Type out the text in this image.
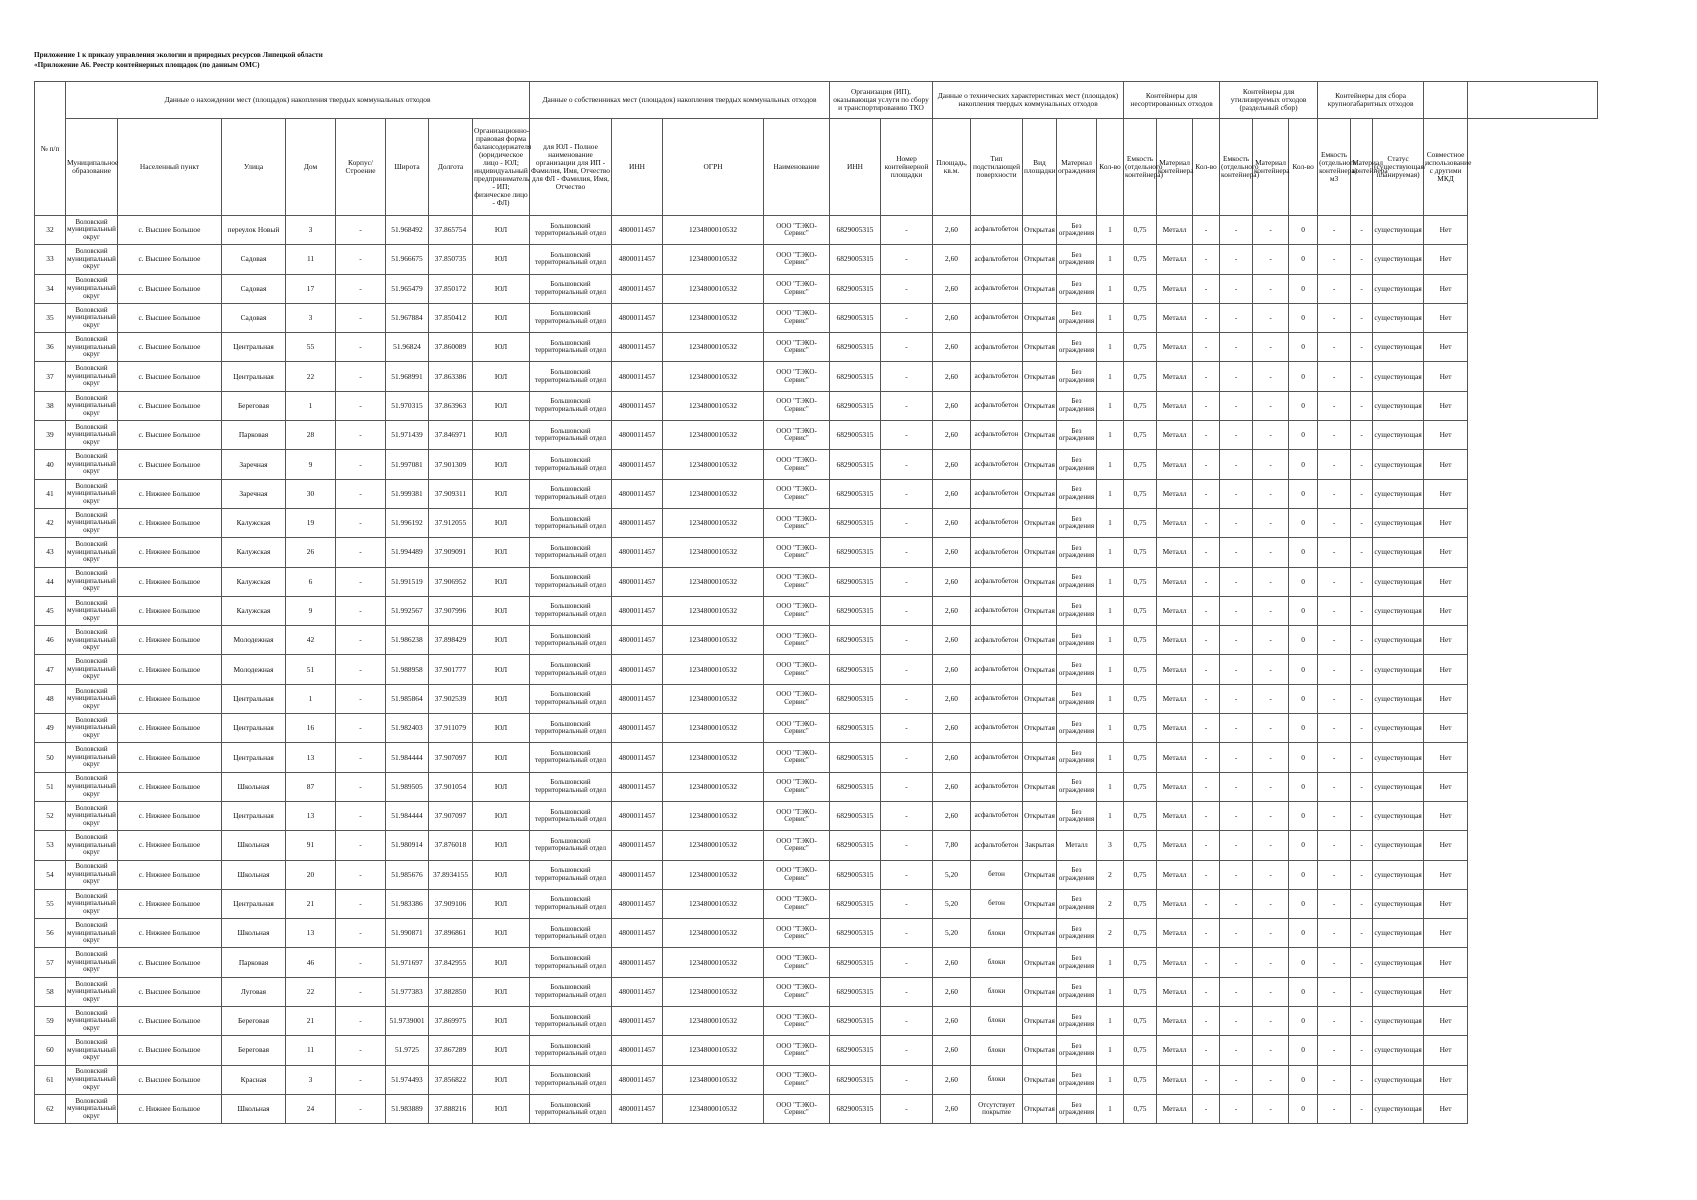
Приложение 1 к приказу управления экологии и природных ресурсов Липецкой области
«Приложение А6. Реестр контейнерных площадок (по данным ОМС)
№ п/п	Данные о нахождении мест (площадок) накопления твердых коммунальных отходов								Данные о собственниках мест (площадок) накопления твердых коммунальных отходов				Организация (ИП), оказывающая услуги по сбору и транспортированию ТКО		Данные о технических характеристиках мест (площадок) накопления твердых коммунальных отходов					Контейнеры для несортированных отходов			Контейнеры для утилизируемых отходов (раздельный сбор)			Контейнеры для сбора крупногабаритных отходов				
	Муниципальное образование	Населенный пункт	Улица	Дом	Корпус/Строение	Широта	Долгота	Организационно-правовая форма балансодержателя (юридическое лицо - ЮЛ; индивидуальный предприниматель - ИП; физическое лицо - ФЛ)	для ЮЛ - Полное наименование организации для ИП - Фамилия, Имя, Отчество для ФЛ - Фамилия, Имя, Отчество	ИНН	ОГРН	Наименование	ИНН	Номер контейнерной площадки	Площадь, кв.м.	Тип подстилающей поверхности	Вид площадки	Материал ограждения	Кол-во	Емкость (отдельного контейнера)	Материал контейнера	Кол-во	Емкость (отдельного контейнера)	Материал контейнера	Кол-во	Емкость (отдельного контейнера) м3	Материал контейнера	Статус (существующая/ планируемая)	Совместное использование с другими МКД	
32	Воловский муниципальный округ	с. Высшее Большое	переулок Новый	3	-	51.968492	37.865754	ЮЛ	Большовский территориальный отдел	4800011457	1234800010532	ООО "ТЭКО-Сервис"	6829005315	-	2,60	асфальтобетон	Открытая	Без ограждения	1	0,75	Металл	-	-	-	0	-	-	существующая	Нет	
33	Воловский муниципальный округ	с. Высшее Большое	Садовая	11	-	51.966675	37.850735	ЮЛ	Большовский территориальный отдел	4800011457	1234800010532	ООО "ТЭКО-Сервис"	6829005315	-	2,60	асфальтобетон	Открытая	Без ограждения	1	0,75	Металл	-	-	-	0	-	-	существующая	Нет	
34	Воловский муниципальный округ	с. Высшее Большое	Садовая	17	-	51.965479	37.850172	ЮЛ	Большовский территориальный отдел	4800011457	1234800010532	ООО "ТЭКО-Сервис"	6829005315	-	2,60	асфальтобетон	Открытая	Без ограждения	1	0,75	Металл	-	-	-	0	-	-	существующая	Нет	
35	Воловский муниципальный округ	с. Высшее Большое	Садовая	3	-	51.967884	37.850412	ЮЛ	Большовский территориальный отдел	4800011457	1234800010532	ООО "ТЭКО-Сервис"	6829005315	-	2,60	асфальтобетон	Открытая	Без ограждения	1	0,75	Металл	-	-	-	0	-	-	существующая	Нет	
36	Воловский муниципальный округ	с. Высшее Большое	Центральная	55	-	51.96824	37.860089	ЮЛ	Большовский территориальный отдел	4800011457	1234800010532	ООО "ТЭКО-Сервис"	6829005315	-	2,60	асфальтобетон	Открытая	Без ограждения	1	0,75	Металл	-	-	-	0	-	-	существующая	Нет	
37	Воловский муниципальный округ	с. Высшее Большое	Центральная	22	-	51.968991	37.863386	ЮЛ	Большовский территориальный отдел	4800011457	1234800010532	ООО "ТЭКО-Сервис"	6829005315	-	2,60	асфальтобетон	Открытая	Без ограждения	1	0,75	Металл	-	-	-	0	-	-	существующая	Нет	
38	Воловский муниципальный округ	с. Высшее Большое	Береговая	1	-	51.970315	37.863963	ЮЛ	Большовский территориальный отдел	4800011457	1234800010532	ООО "ТЭКО-Сервис"	6829005315	-	2,60	асфальтобетон	Открытая	Без ограждения	1	0,75	Металл	-	-	-	0	-	-	существующая	Нет	
39	Воловский муниципальный округ	с. Высшее Большое	Парковая	28	-	51.971439	37.846971	ЮЛ	Большовский территориальный отдел	4800011457	1234800010532	ООО "ТЭКО-Сервис"	6829005315	-	2,60	асфальтобетон	Открытая	Без ограждения	1	0,75	Металл	-	-	-	0	-	-	существующая	Нет	
40	Воловский муниципальный округ	с. Высшее Большое	Заречная	9	-	51.997081	37.901309	ЮЛ	Большовский территориальный отдел	4800011457	1234800010532	ООО "ТЭКО-Сервис"	6829005315	-	2,60	асфальтобетон	Открытая	Без ограждения	1	0,75	Металл	-	-	-	0	-	-	существующая	Нет	
41	Воловский муниципальный округ	с. Нижнее Большое	Заречная	30	-	51.999381	37.909311	ЮЛ	Большовский территориальный отдел	4800011457	1234800010532	ООО "ТЭКО-Сервис"	6829005315	-	2,60	асфальтобетон	Открытая	Без ограждения	1	0,75	Металл	-	-	-	0	-	-	существующая	Нет	
42	Воловский муниципальный округ	с. Нижнее Большое	Калужская	19	-	51.996192	37.912055	ЮЛ	Большовский территориальный отдел	4800011457	1234800010532	ООО "ТЭКО-Сервис"	6829005315	-	2,60	асфальтобетон	Открытая	Без ограждения	1	0,75	Металл	-	-	-	0	-	-	существующая	Нет	
43	Воловский муниципальный округ	с. Нижнее Большое	Калужская	26	-	51.994489	37.909091	ЮЛ	Большовский территориальный отдел	4800011457	1234800010532	ООО "ТЭКО-Сервис"	6829005315	-	2,60	асфальтобетон	Открытая	Без ограждения	1	0,75	Металл	-	-	-	0	-	-	существующая	Нет	
44	Воловский муниципальный округ	с. Нижнее Большое	Калужская	6	-	51.991519	37.906952	ЮЛ	Большовский территориальный отдел	4800011457	1234800010532	ООО "ТЭКО-Сервис"	6829005315	-	2,60	асфальтобетон	Открытая	Без ограждения	1	0,75	Металл	-	-	-	0	-	-	существующая	Нет	
45	Воловский муниципальный округ	с. Нижнее Большое	Калужская	9	-	51.992567	37.907996	ЮЛ	Большовский территориальный отдел	4800011457	1234800010532	ООО "ТЭКО-Сервис"	6829005315	-	2,60	асфальтобетон	Открытая	Без ограждения	1	0,75	Металл	-	-	-	0	-	-	существующая	Нет	
46	Воловский муниципальный округ	с. Нижнее Большое	Молодежная	42	-	51.986238	37.898429	ЮЛ	Большовский территориальный отдел	4800011457	1234800010532	ООО "ТЭКО-Сервис"	6829005315	-	2,60	асфальтобетон	Открытая	Без ограждения	1	0,75	Металл	-	-	-	0	-	-	существующая	Нет	
47	Воловский муниципальный округ	с. Нижнее Большое	Молодежная	51	-	51.988958	37.901777	ЮЛ	Большовский территориальный отдел	4800011457	1234800010532	ООО "ТЭКО-Сервис"	6829005315	-	2,60	асфальтобетон	Открытая	Без ограждения	1	0,75	Металл	-	-	-	0	-	-	существующая	Нет	
48	Воловский муниципальный округ	с. Нижнее Большое	Центральная	1	-	51.985864	37.902539	ЮЛ	Большовский территориальный отдел	4800011457	1234800010532	ООО "ТЭКО-Сервис"	6829005315	-	2,60	асфальтобетон	Открытая	Без ограждения	1	0,75	Металл	-	-	-	0	-	-	существующая	Нет	
49	Воловский муниципальный округ	с. Нижнее Большое	Центральная	16	-	51.982403	37.911079	ЮЛ	Большовский территориальный отдел	4800011457	1234800010532	ООО "ТЭКО-Сервис"	6829005315	-	2,60	асфальтобетон	Открытая	Без ограждения	1	0,75	Металл	-	-	-	0	-	-	существующая	Нет	
50	Воловский муниципальный округ	с. Нижнее Большое	Центральная	13	-	51.984444	37.907097	ЮЛ	Большовский территориальный отдел	4800011457	1234800010532	ООО "ТЭКО-Сервис"	6829005315	-	2,60	асфальтобетон	Открытая	Без ограждения	1	0,75	Металл	-	-	-	0	-	-	существующая	Нет	
51	Воловский муниципальный округ	с. Нижнее Большое	Школьная	87	-	51.989505	37.901054	ЮЛ	Большовский территориальный отдел	4800011457	1234800010532	ООО "ТЭКО-Сервис"	6829005315	-	2,60	асфальтобетон	Открытая	Без ограждения	1	0,75	Металл	-	-	-	0	-	-	существующая	Нет	
52	Воловский муниципальный округ	с. Нижнее Большое	Центральная	13	-	51.984444	37.907097	ЮЛ	Большовский территориальный отдел	4800011457	1234800010532	ООО "ТЭКО-Сервис"	6829005315	-	2,60	асфальтобетон	Открытая	Без ограждения	1	0,75	Металл	-	-	-	0	-	-	существующая	Нет	
53	Воловский муниципальный округ	с. Нижнее Большое	Школьная	91	-	51.980914	37.876018	ЮЛ	Большовский территориальный отдел	4800011457	1234800010532	ООО "ТЭКО-Сервис"	6829005315	-	7,80	асфальтобетон	Закрытая	Металл	3	0,75	Металл	-	-	-	0	-	-	существующая	Нет	
54	Воловский муниципальный округ	с. Нижнее Большое	Школьная	20	-	51.985676	37.8934155	ЮЛ	Большовский территориальный отдел	4800011457	1234800010532	ООО "ТЭКО-Сервис"	6829005315	-	5,20	бетон	Открытая	Без ограждения	2	0,75	Металл	-	-	-	0	-	-	существующая	Нет	
55	Воловский муниципальный округ	с. Нижнее Большое	Центральная	21	-	51.983386	37.909106	ЮЛ	Большовский территориальный отдел	4800011457	1234800010532	ООО "ТЭКО-Сервис"	6829005315	-	5,20	бетон	Открытая	Без ограждения	2	0,75	Металл	-	-	-	0	-	-	существующая	Нет	
56	Воловский муниципальный округ	с. Нижнее Большое	Школьная	13	-	51.990871	37.896861	ЮЛ	Большовский территориальный отдел	4800011457	1234800010532	ООО "ТЭКО-Сервис"	6829005315	-	5,20	блоки	Открытая	Без ограждения	2	0,75	Металл	-	-	-	0	-	-	существующая	Нет	
57	Воловский муниципальный округ	с. Высшее Большое	Парковая	46	-	51.971697	37.842955	ЮЛ	Большовский территориальный отдел	4800011457	1234800010532	ООО "ТЭКО-Сервис"	6829005315	-	2,60	блоки	Открытая	Без ограждения	1	0,75	Металл	-	-	-	0	-	-	существующая	Нет	
58	Воловский муниципальный округ	с. Высшее Большое	Луговая	22	-	51.977383	37.882850	ЮЛ	Большовский территориальный отдел	4800011457	1234800010532	ООО "ТЭКО-Сервис"	6829005315	-	2,60	блоки	Открытая	Без ограждения	1	0,75	Металл	-	-	-	0	-	-	существующая	Нет	
59	Воловский муниципальный округ	с. Высшее Большое	Береговая	21	-	51.9739001	37.869975	ЮЛ	Большовский территориальный отдел	4800011457	1234800010532	ООО "ТЭКО-Сервис"	6829005315	-	2,60	блоки	Открытая	Без ограждения	1	0,75	Металл	-	-	-	0	-	-	существующая	Нет	
60	Воловский муниципальный округ	с. Высшее Большое	Береговая	11	-	51.9725	37.867289	ЮЛ	Большовский территориальный отдел	4800011457	1234800010532	ООО "ТЭКО-Сервис"	6829005315	-	2,60	блоки	Открытая	Без ограждения	1	0,75	Металл	-	-	-	0	-	-	существующая	Нет	
61	Воловский муниципальный округ	с. Высшее Большое	Красная	3	-	51.974493	37.856822	ЮЛ	Большовский территориальный отдел	4800011457	1234800010532	ООО "ТЭКО-Сервис"	6829005315	-	2,60	блоки	Открытая	Без ограждения	1	0,75	Металл	-	-	-	0	-	-	существующая	Нет	
62	Воловский муниципальный округ	с. Нижнее Большое	Школьная	24	-	51.983889	37.888216	ЮЛ	Большовский территориальный отдел	4800011457	1234800010532	ООО "ТЭКО-Сервис"	6829005315	-	2,60	Отсутствует покрытие	Открытая	Без ограждения	1	0,75	Металл	-	-	-	0	-	-	существующая	Нет	
